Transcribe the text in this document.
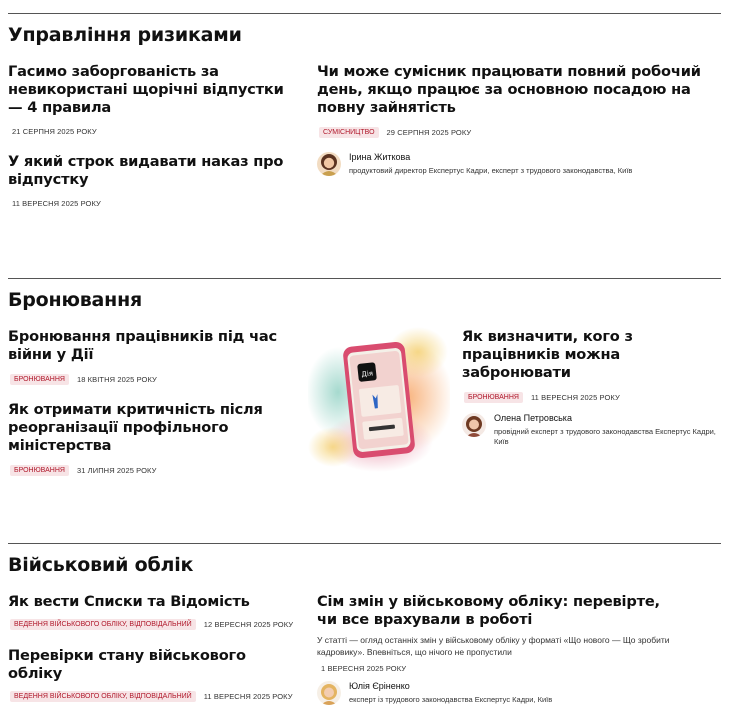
Управління ризиками
Гасимо заборгованість за невикористані щорічні відпустки — 4 правила
21 СЕРПНЯ 2025 РОКУ
У який строк видавати наказ про відпустку
11 ВЕРЕСНЯ 2025 РОКУ
Чи може сумісник працювати повний робочий день, якщо працює за основною посадою на повну зайнятість
СУМІСНИЦТВО	29 СЕРПНЯ 2025 РОКУ
Ірина Житкова
продуктовий директор Експертус Кадри, експерт з трудового законодавства, Київ
Бронювання
Бронювання працівників під час війни у Дії
БРОНЮВАННЯ	18 КВІТНЯ 2025 РОКУ
Як отримати критичність після реорганізації профільного міністерства
БРОНЮВАННЯ	31 ЛИПНЯ 2025 РОКУ
Дія
Як визначити, кого з працівників можна забронювати
БРОНЮВАННЯ	11 ВЕРЕСНЯ 2025 РОКУ
Олена Петровська
провідний експерт з трудового законодавства Експертус Кадри, Київ
Військовий облік
Як вести Списки та Відомість
ВЕДЕННЯ ВІЙСЬКОВОГО ОБЛІКУ, ВІДПОВІДАЛЬНИЙ	12 ВЕРЕСНЯ 2025 РОКУ
Перевірки стану військового обліку
ВЕДЕННЯ ВІЙСЬКОВОГО ОБЛІКУ, ВІДПОВІДАЛЬНИЙ	11 ВЕРЕСНЯ 2025 РОКУ
Сім змін у військовому обліку: перевірте, чи все врахували в роботі
У статті — огляд останніх змін у військовому обліку у форматі «Що нового — Що зробити кадровику». Впевніться, що нічого не пропустили
1 ВЕРЕСНЯ 2025 РОКУ
Юлія Єріненко
експерт із трудового законодавства Експертус Кадри, Київ
